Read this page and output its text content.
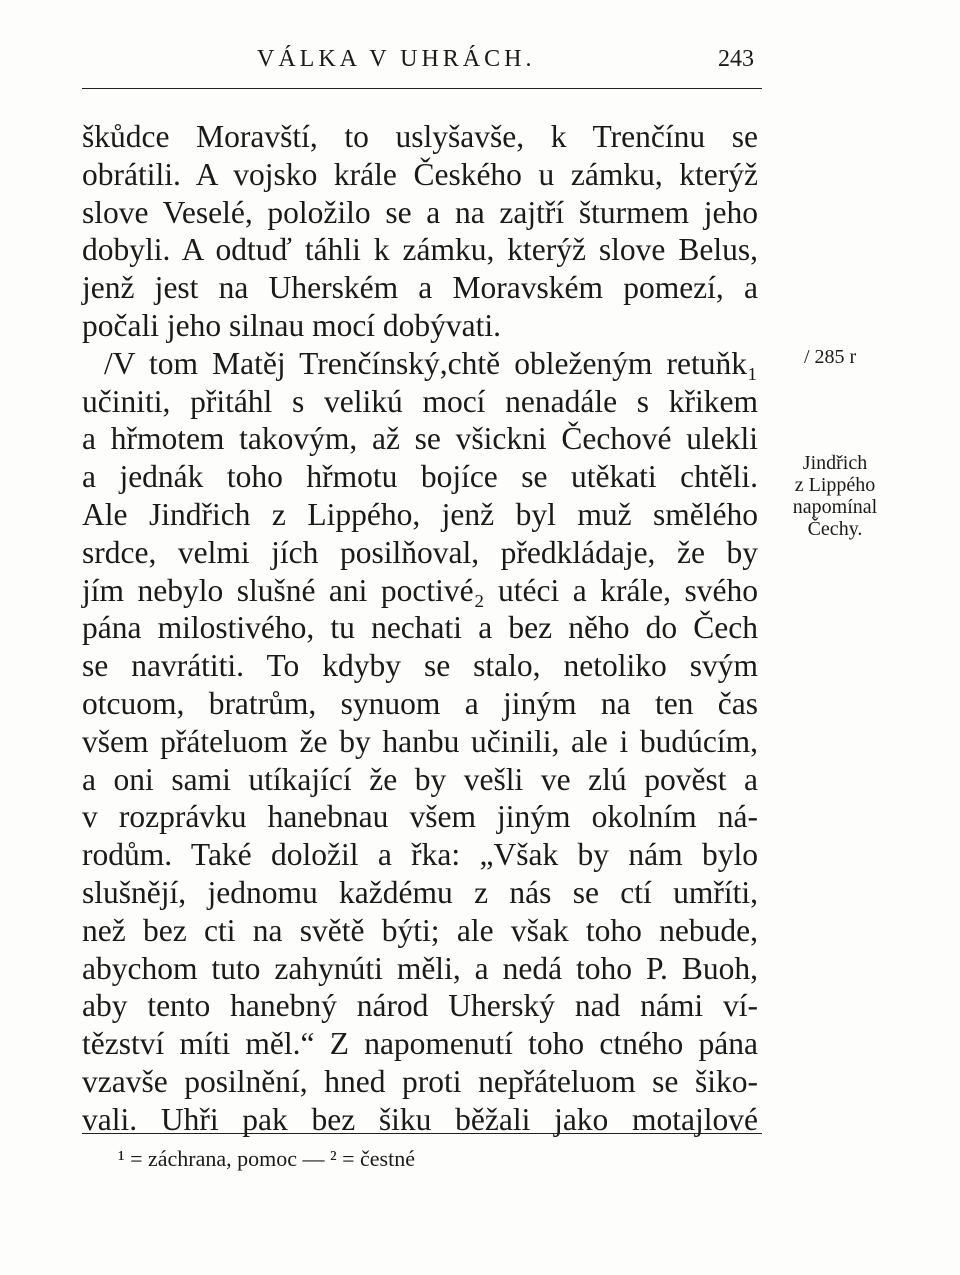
VÁLKA V UHRÁCH.	243
škůdce Moravští, to uslyšavše, k Trenčínu se
obrátili. A vojsko krále Českého u zámku, kterýž
slove Veselé, položilo se a na zajtří šturmem jeho
dobyli. A odtuď táhli k zámku, kterýž slove Belus,
jenž jest na Uherském a Moravském pomezí, a
počali jeho silnau mocí dobývati.
/V tom Matěj Trenčínský,chtě obleženým retuňk₁
učiniti, přitáhl s velikú mocí nenadále s křikem
a hřmotem takovým, až se všickni Čechové ulekli
a jednák toho hřmotu bojíce se utěkati chtěli.
Ale Jindřich z Lippého, jenž byl muž smělého
srdce, velmi jích posilňoval, předkládaje, že by
jím nebylo slušné ani poctivé₂ utéci a krále, svého
pána milostivého, tu nechati a bez něho do Čech
se navrátiti. To kdyby se stalo, netoliko svým
otcuom, bratrům, synuom a jiným na ten čas
všem přáteluom že by hanbu učinili, ale i budúcím,
a oni sami utíkající že by vešli ve zlú pověst a
v rozprávku hanebnau všem jiným okolním ná-
rodům. Také doložil a řka: „Však by nám bylo
slušnějí, jednomu každému z nás se ctí umříti,
než bez cti na světě býti; ale však toho nebude,
abychom tuto zahynúti měli, a nedá toho P. Buoh,
aby tento hanebný národ Uherský nad námi ví-
tězství míti měl.“ Z napomenutí toho ctného pána
vzavše posilnění, hned proti nepřáteluom se šiko-
vali. Uhři pak bez šiku běžali jako motajlové
/ 285 r
Jindřich
z Lippého
napomínal
Čechy.
¹ = záchrana, pomoc — ² = čestné
